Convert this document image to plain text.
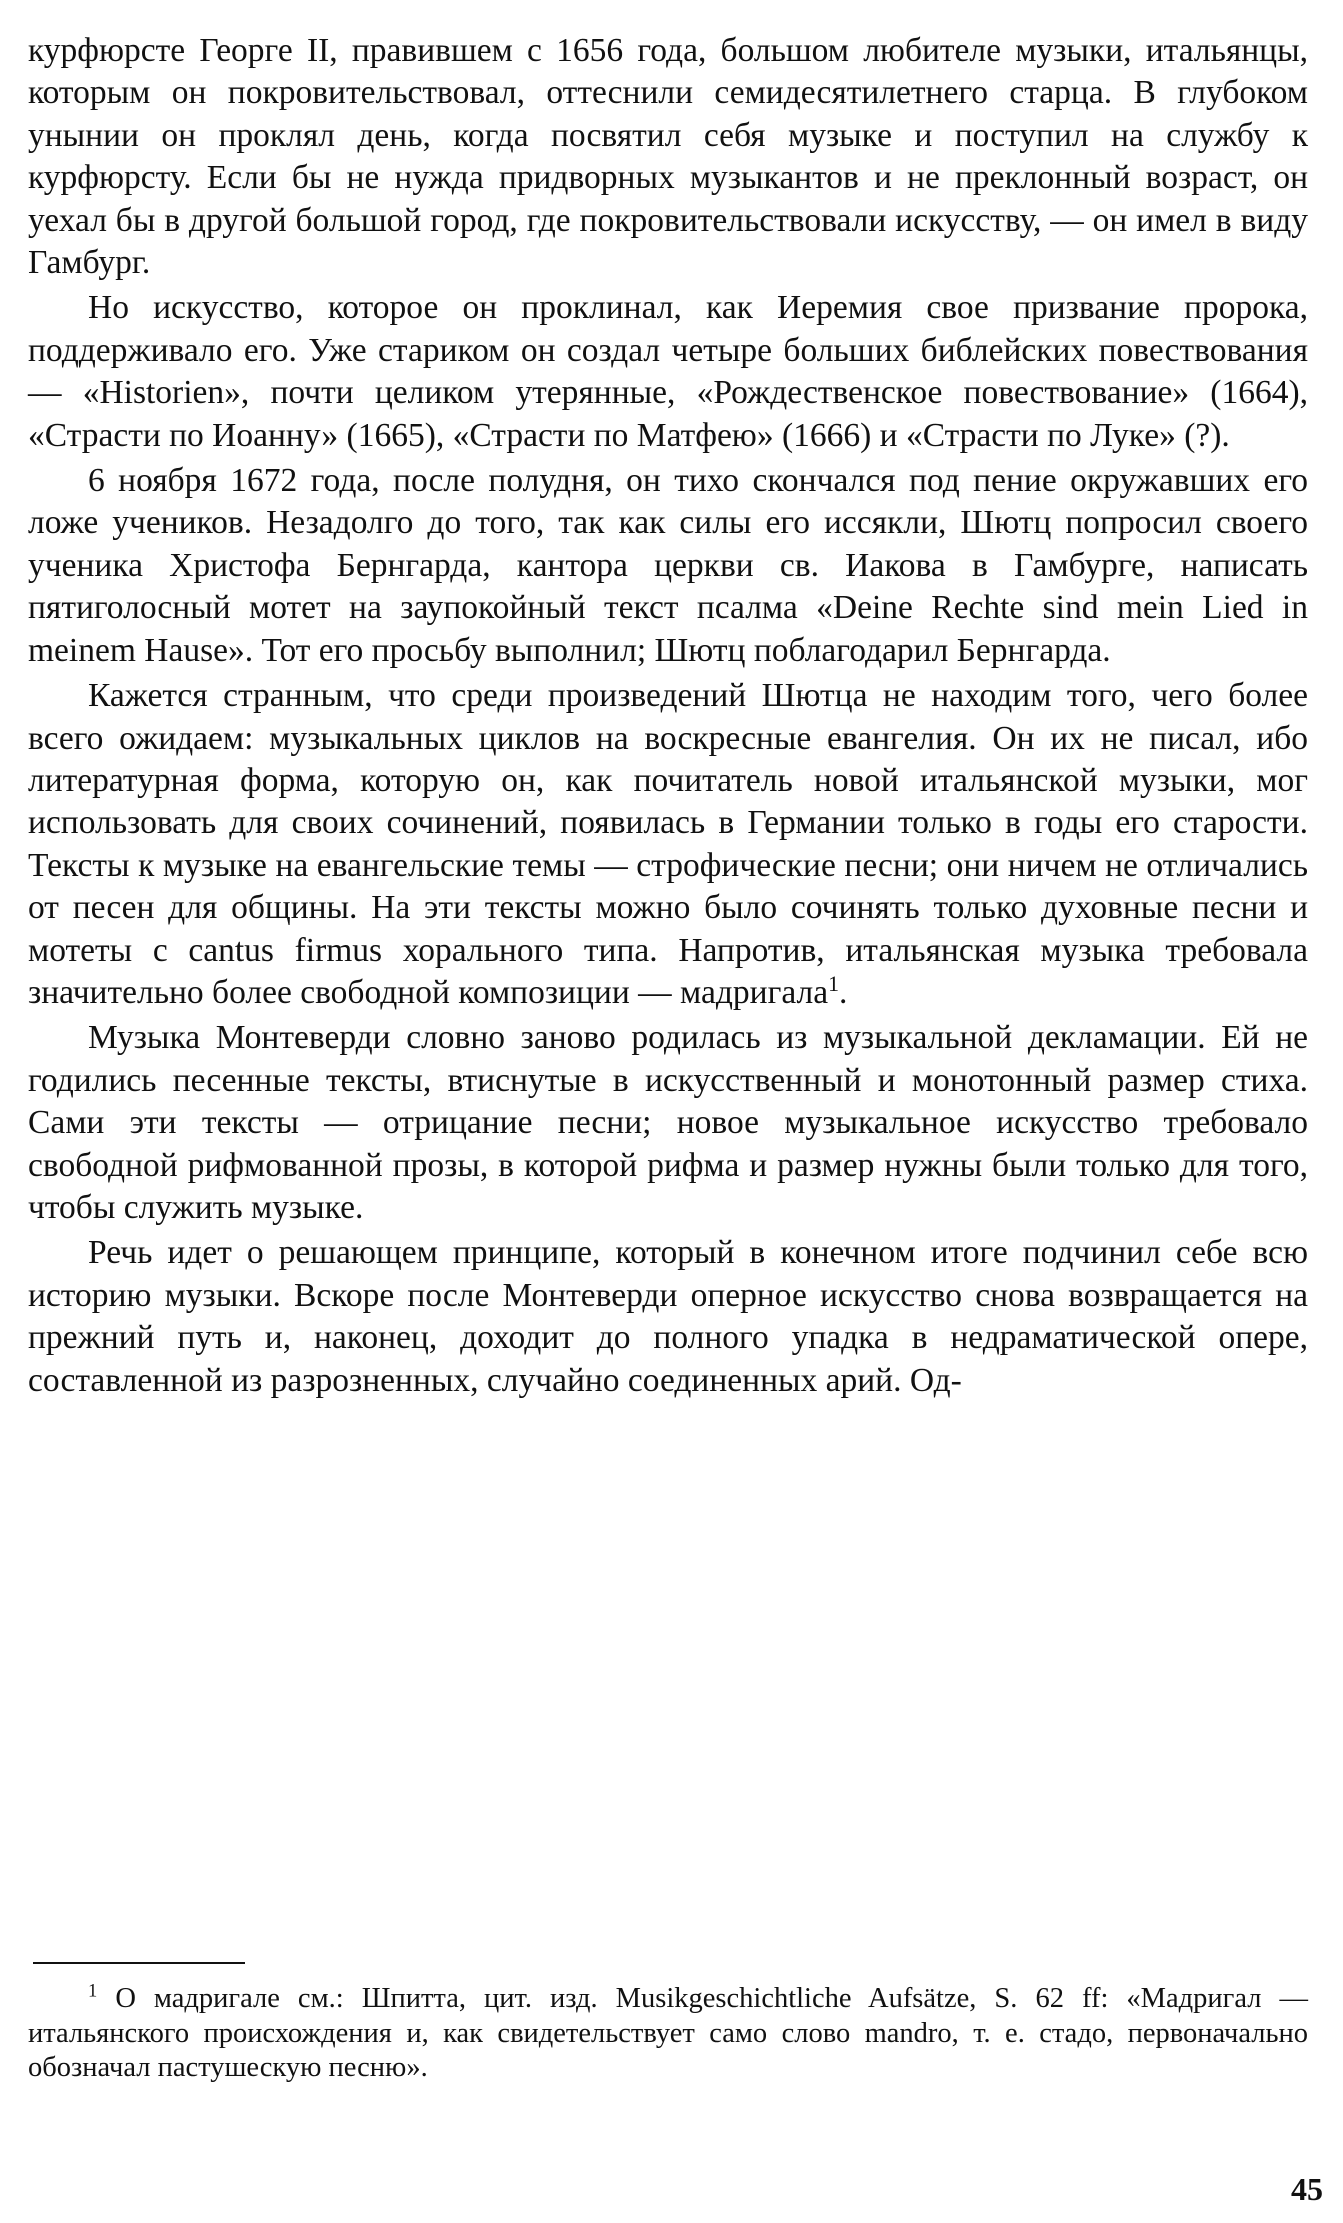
курфюрсте Георге II, правившем с 1656 года, большом любителе музыки, итальянцы, которым он покровительствовал, оттеснили семидесятилетнего старца. В глубоком унынии он проклял день, когда посвятил себя музыке и поступил на службу к курфюрсту. Если бы не нужда придворных музыкантов и не преклонный возраст, он уехал бы в другой большой город, где покровительствовали искусству, — он имел в виду Гамбург.

Но искусство, которое он проклинал, как Иеремия свое призвание пророка, поддерживало его. Уже стариком он создал четыре больших библейских повествования — «Historien», почти целиком утерянные, «Рождественское повествование» (1664), «Страсти по Иоанну» (1665), «Страсти по Матфею» (1666) и «Страсти по Луке» (?).

6 ноября 1672 года, после полудня, он тихо скончался под пение окружавших его ложе учеников. Незадолго до того, так как силы его иссякли, Шютц попросил своего ученика Христофа Бернгарда, кантора церкви св. Иакова в Гамбурге, написать пятиголосный мотет на заупокойный текст псалма «Deine Rechte sind mein Lied in meinem Hause». Тот его просьбу выполнил; Шютц поблагодарил Бернгарда.

Кажется странным, что среди произведений Шютца не находим того, чего более всего ожидаем: музыкальных циклов на воскресные евангелия. Он их не писал, ибо литературная форма, которую он, как почитатель новой итальянской музыки, мог использовать для своих сочинений, появилась в Германии только в годы его старости. Тексты к музыке на евангельские темы — строфические песни; они ничем не отличались от песен для общины. На эти тексты можно было сочинять только духовные песни и мотеты с cantus firmus хорального типа. Напротив, итальянская музыка требовала значительно более свободной композиции — мадригала$^1$.

Музыка Монтеверди словно заново родилась из музыкальной декламации. Ей не годились песенные тексты, втиснутые в искусственный и монотонный размер стиха. Сами эти тексты — отрицание песни; новое музыкальное искусство требовало свободной рифмованной прозы, в которой рифма и размер нужны были только для того, чтобы служить музыке.

Речь идет о решающем принципе, который в конечном итоге подчинил себе всю историю музыки. Вскоре после Монтеверди оперное искусство снова возвращается на прежний путь и, наконец, доходит до полного упадка в недраматической опере, составленной из разрозненных, случайно соединенных арий. Од-

$^1$ О мадригале см.: Шпитта, цит. изд. Musikgeschichtliche Aufsätze, S. 62 ff: «Мадригал — итальянского происхождения и, как свидетельствует само слово mandro, т. е. стадо, первоначально обозначал пастушескую песню».

45
